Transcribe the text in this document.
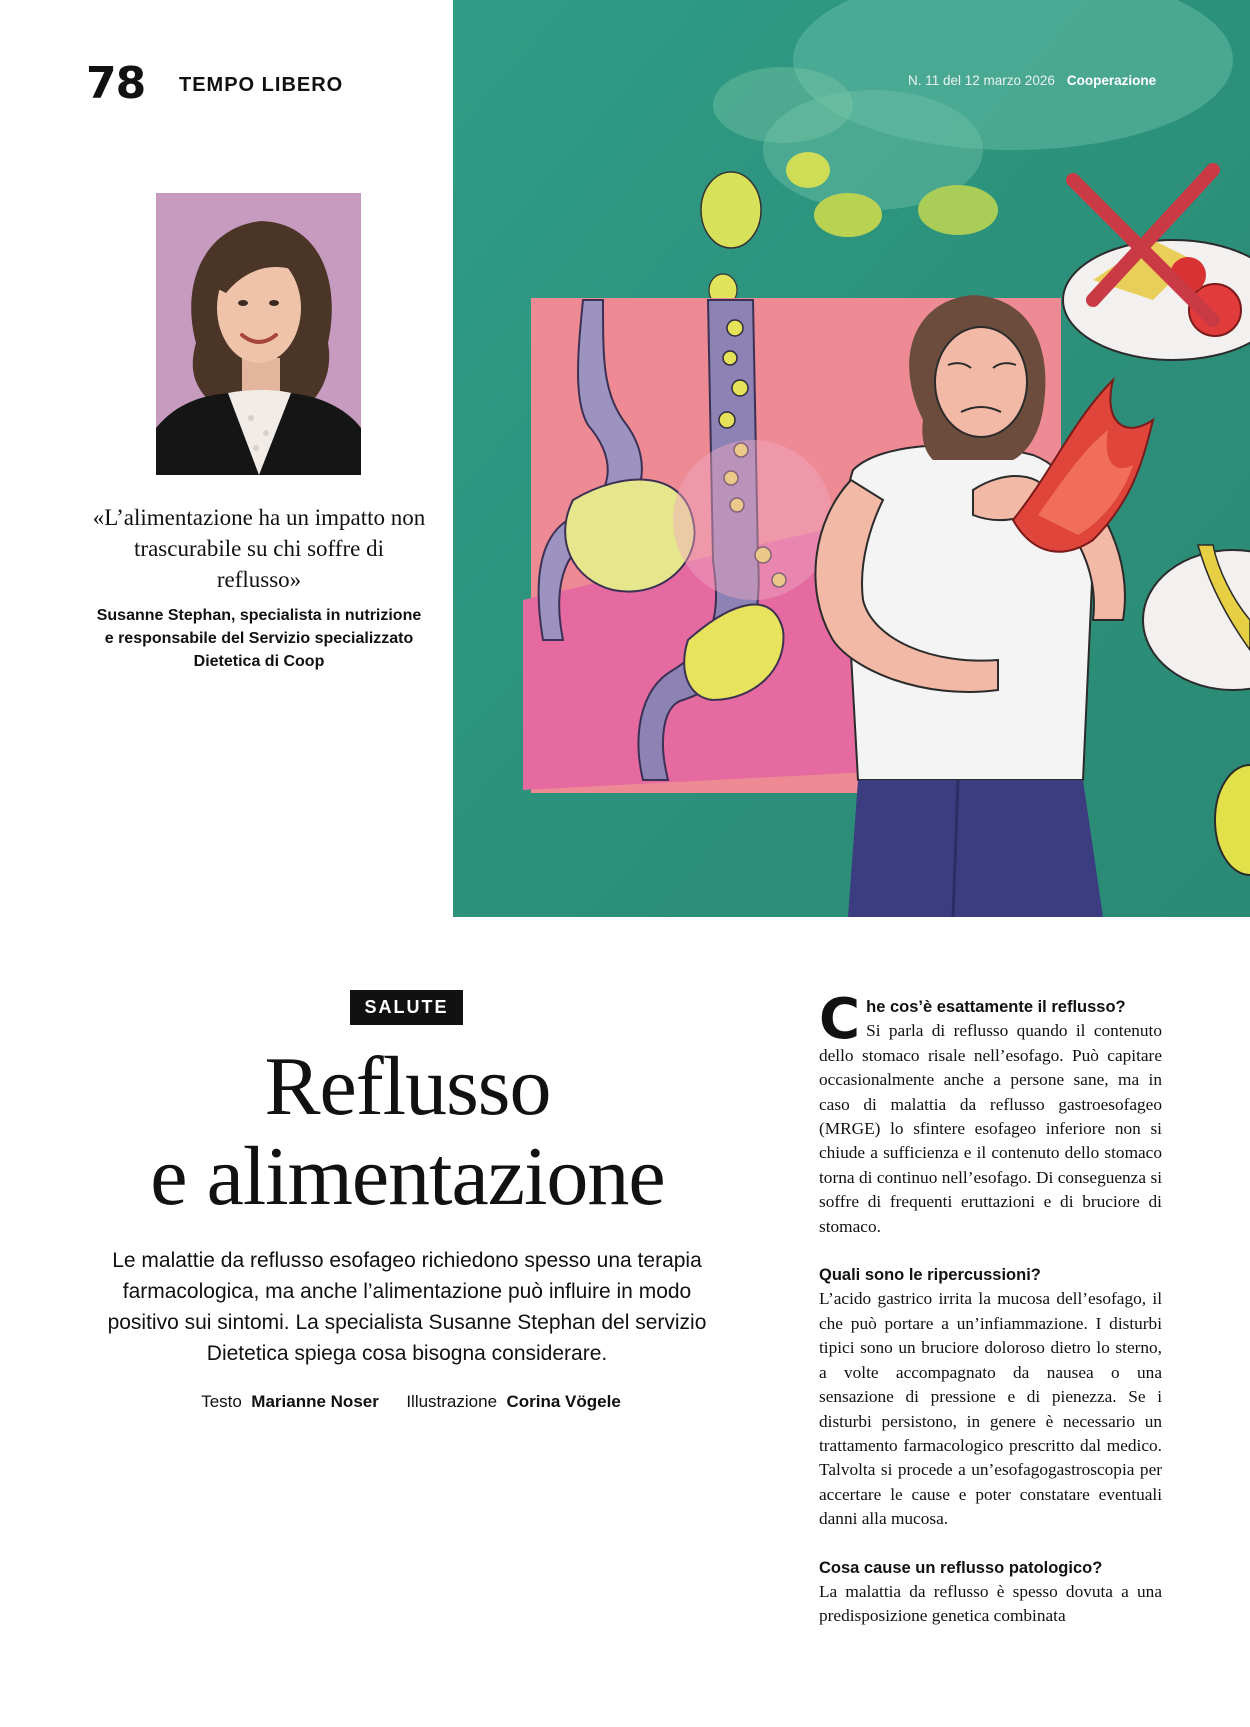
78 TEMPO LIBERO
«L’alimentazione ha un impatto non trascurabile su chi soffre di reflusso»
Susanne Stephan, specialista in nutrizione e responsabile del Servizio specializzato Dietetica di Coop
N. 11 del 12 marzo 2026 Cooperazione
SALUTE
Reflusso
e alimentazione
Le malattie da reflusso esofageo richiedono spesso una terapia farmacologica, ma anche l’alimentazione può influire in modo positivo sui sintomi. La specialista Susanne Stephan del servizio Dietetica spiega cosa bisogna considerare.
Testo Marianne Noser Illustrazione Corina Vögele
C he cos’è esattamente il reflusso?

Si parla di reflusso quando il contenuto dello stomaco risale nell’esofago. Può capitare occasionalmente anche a persone sane, ma in caso di malattia da reflusso gastroesofageo (MRGE) lo sfintere esofageo inferiore non si chiude a sufficienza e il contenuto dello stomaco torna di continuo nell’esofago. Di conseguenza si soffre di frequenti eruttazioni e di bruciore di stomaco.

Quali sono le ripercussioni?

L’acido gastrico irrita la mucosa dell’esofago, il che può portare a un’infiammazione. I disturbi tipici sono un bruciore doloroso dietro lo sterno, a volte accompagnato da nausea o una sensazione di pressione e di pienezza. Se i disturbi persistono, in genere è necessario un trattamento farmacologico prescritto dal medico. Talvolta si procede a un’esofagogastroscopia per accertare le cause e poter constatare eventuali danni alla mucosa.

Cosa cause un reflusso patologico?

La malattia da reflusso è spesso dovuta a una predisposizione genetica combinata
